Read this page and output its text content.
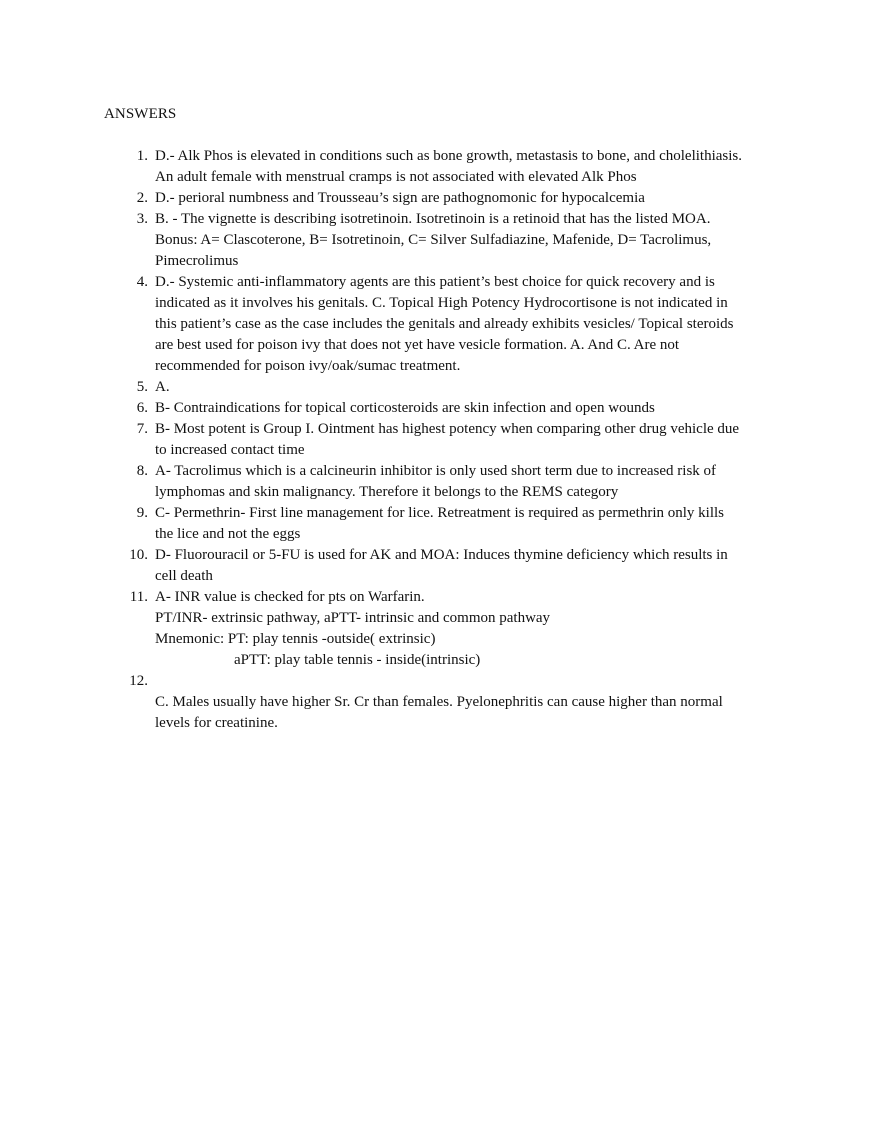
ANSWERS
1. D.- Alk Phos is elevated in conditions such as bone growth, metastasis to bone, and cholelithiasis.
An adult female with menstrual cramps is not associated with elevated Alk Phos
2. D.- perioral numbness and Trousseau’s sign are pathognomonic for hypocalcemia
3. B. - The vignette is describing isotretinoin. Isotretinoin is a retinoid that has the listed MOA.
Bonus: A= Clascoterone, B= Isotretinoin, C= Silver Sulfadiazine, Mafenide, D= Tacrolimus,
Pimecrolimus
4. D.- Systemic anti-inflammatory agents are this patient’s best choice for quick recovery and is
indicated as it involves his genitals. C. Topical High Potency Hydrocortisone is not indicated in
this patient’s case as the case includes the genitals and already exhibits vesicles/ Topical steroids
are best used for poison ivy that does not yet have vesicle formation. A. And C. Are not
recommended for poison ivy/oak/sumac treatment.
5. A.
6. B- Contraindications for topical corticosteroids are skin infection and open wounds
7. B- Most potent is Group I. Ointment has highest potency when comparing other drug vehicle due
to increased contact time
8. A- Tacrolimus which is a calcineurin inhibitor is only used short term due to increased risk of
lymphomas and skin malignancy. Therefore it belongs to the REMS category
9. C- Permethrin- First line management for lice. Retreatment is required as permethrin only kills
the lice and not the eggs
10. D- Fluorouracil or 5-FU is used for AK and MOA: Induces thymine deficiency which results in
cell death
11. A- INR value is checked for pts on Warfarin.
PT/INR- extrinsic pathway, aPTT- intrinsic and common pathway
Mnemonic: PT: play tennis -outside( extrinsic)
aPTT: play table tennis - inside(intrinsic)
12.

C. Males usually have higher Sr. Cr than females. Pyelonephritis can cause higher than normal
levels for creatinine.
